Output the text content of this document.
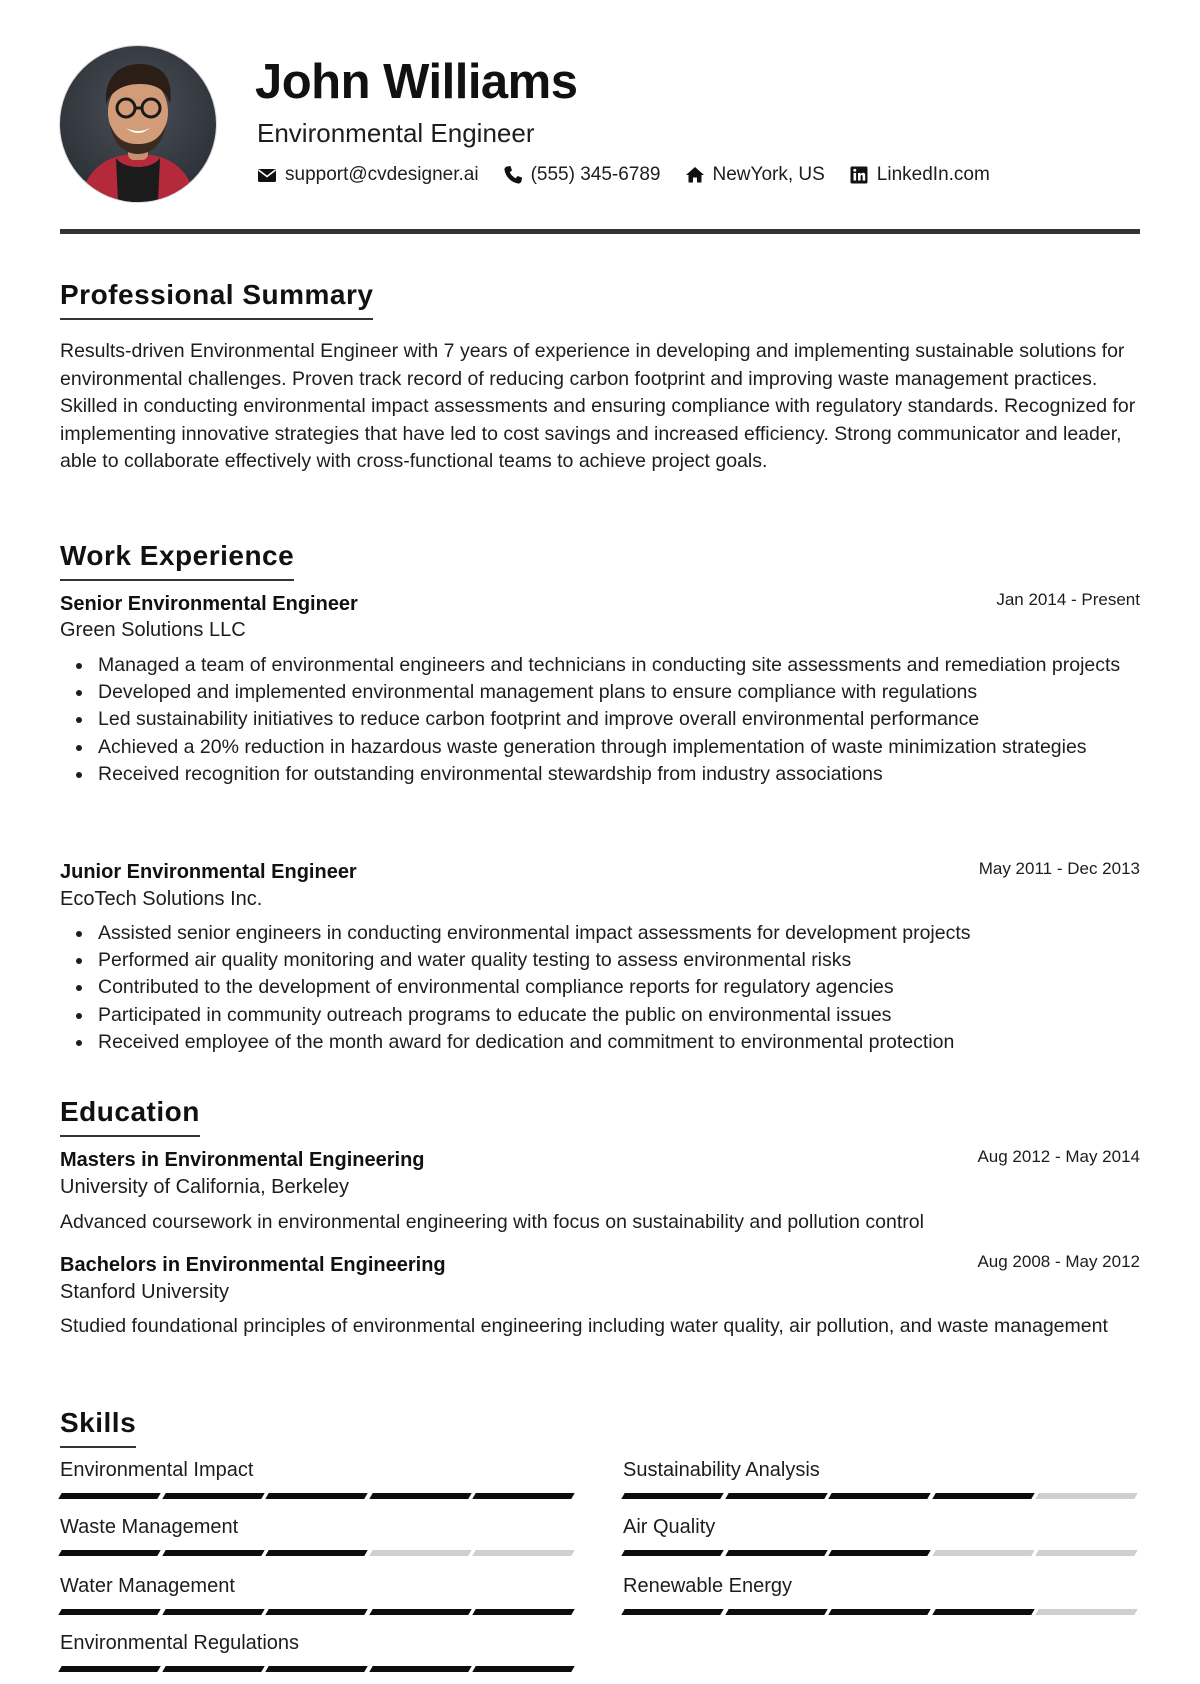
John Williams
Environmental Engineer
support@cvdesigner.ai	(555) 345-6789	NewYork, US	LinkedIn.com
Professional Summary
Results-driven Environmental Engineer with 7 years of experience in developing and implementing sustainable solutions for environmental challenges. Proven track record of reducing carbon footprint and improving waste management practices. Skilled in conducting environmental impact assessments and ensuring compliance with regulatory standards. Recognized for implementing innovative strategies that have led to cost savings and increased efficiency. Strong communicator and leader, able to collaborate effectively with cross-functional teams to achieve project goals.
Work Experience
Senior Environmental Engineer	Jan 2014 - Present
Green Solutions LLC
Managed a team of environmental engineers and technicians in conducting site assessments and remediation projects
Developed and implemented environmental management plans to ensure compliance with regulations
Led sustainability initiatives to reduce carbon footprint and improve overall environmental performance
Achieved a 20% reduction in hazardous waste generation through implementation of waste minimization strategies
Received recognition for outstanding environmental stewardship from industry associations
Junior Environmental Engineer	May 2011 - Dec 2013
EcoTech Solutions Inc.
Assisted senior engineers in conducting environmental impact assessments for development projects
Performed air quality monitoring and water quality testing to assess environmental risks
Contributed to the development of environmental compliance reports for regulatory agencies
Participated in community outreach programs to educate the public on environmental issues
Received employee of the month award for dedication and commitment to environmental protection
Education
Masters in Environmental Engineering	Aug 2012 - May 2014
University of California, Berkeley
Advanced coursework in environmental engineering with focus on sustainability and pollution control
Bachelors in Environmental Engineering	Aug 2008 - May 2012
Stanford University
Studied foundational principles of environmental engineering including water quality, air pollution, and waste management
Skills
Environmental Impact	Sustainability Analysis
Waste Management	Air Quality
Water Management	Renewable Energy
Environmental Regulations
